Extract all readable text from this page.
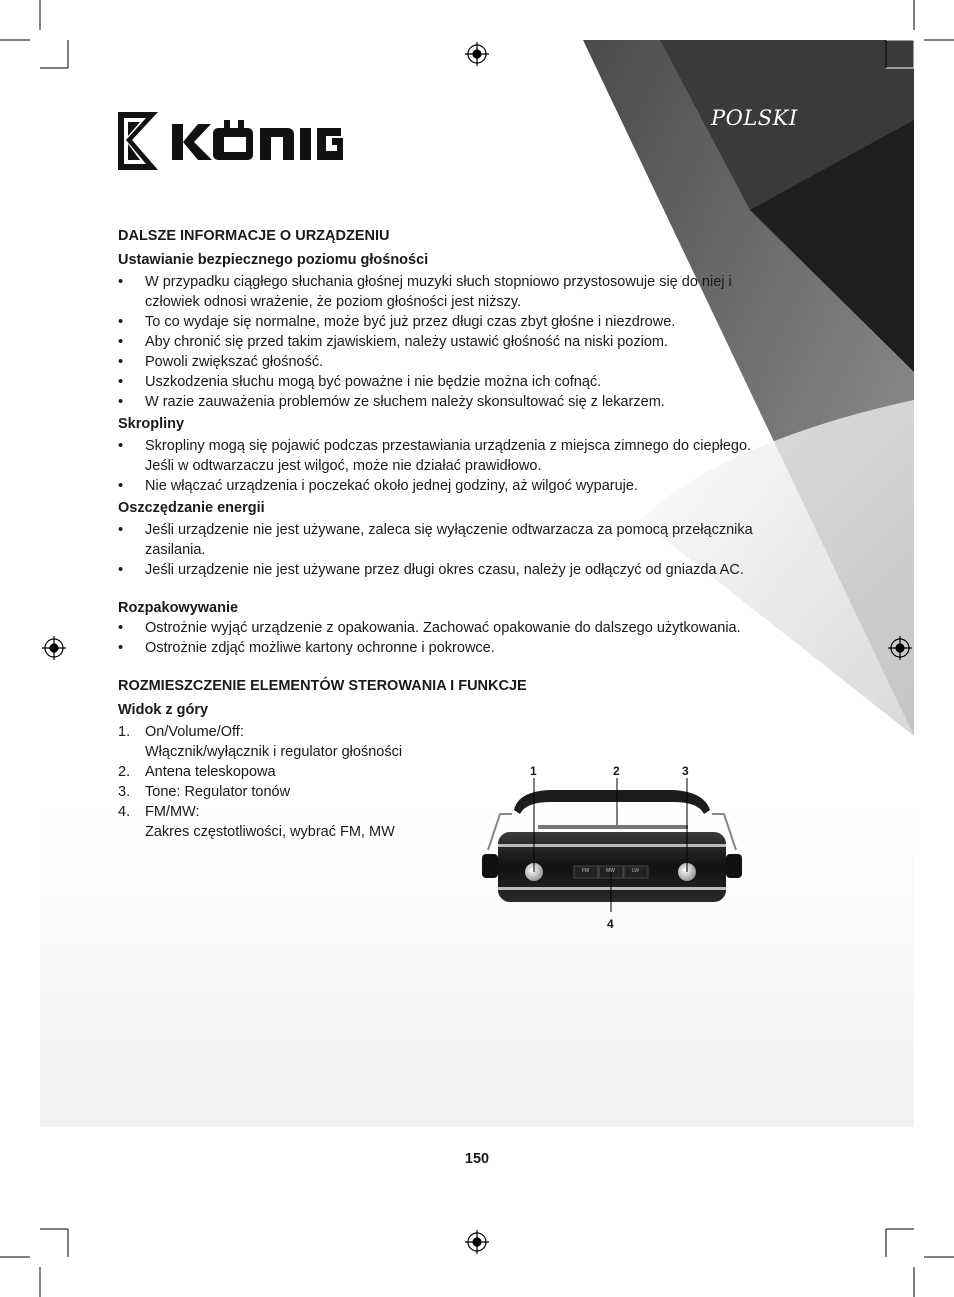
POLSKI
DALSZE INFORMACJE O URZĄDZENIU
Ustawianie bezpiecznego poziomu głośności
• W przypadku ciągłego słuchania głośnej muzyki słuch stopniowo przystosowuje się do niej i człowiek odnosi wrażenie, że poziom głośności jest niższy.
• To co wydaje się normalne, może być już przez długi czas zbyt głośne i niezdrowe.
• Aby chronić się przed takim zjawiskiem, należy ustawić głośność na niski poziom.
• Powoli zwiększać głośność.
• Uszkodzenia słuchu mogą być poważne i nie będzie można ich cofnąć.
• W razie zauważenia problemów ze słuchem należy skonsultować się z lekarzem.
Skropliny
• Skropliny mogą się pojawić podczas przestawiania urządzenia z miejsca zimnego do ciepłego. Jeśli w odtwarzaczu jest wilgoć, może nie działać prawidłowo.
• Nie włączać urządzenia i poczekać około jednej godziny, aż wilgoć wyparuje.
Oszczędzanie energii
• Jeśli urządzenie nie jest używane, zaleca się wyłączenie odtwarzacza za pomocą przełącznika zasilania.
• Jeśli urządzenie nie jest używane przez długi okres czasu, należy je odłączyć od gniazda AC.
Rozpakowywanie
• Ostrożnie wyjąć urządzenie z opakowania. Zachować opakowanie do dalszego użytkowania.
• Ostrożnie zdjąć możliwe kartony ochronne i pokrowce.
ROZMIESZCZENIE ELEMENTÓW STEROWANIA I FUNKCJE
Widok z góry
1. On/Volume/Off:
Włącznik/wyłącznik i regulator głośności
2. Antena teleskopowa
3. Tone: Regulator tonów
4. FM/MW:
Zakres częstotliwości, wybrać FM, MW
1	2	3
4
FM	MW	LW
150
